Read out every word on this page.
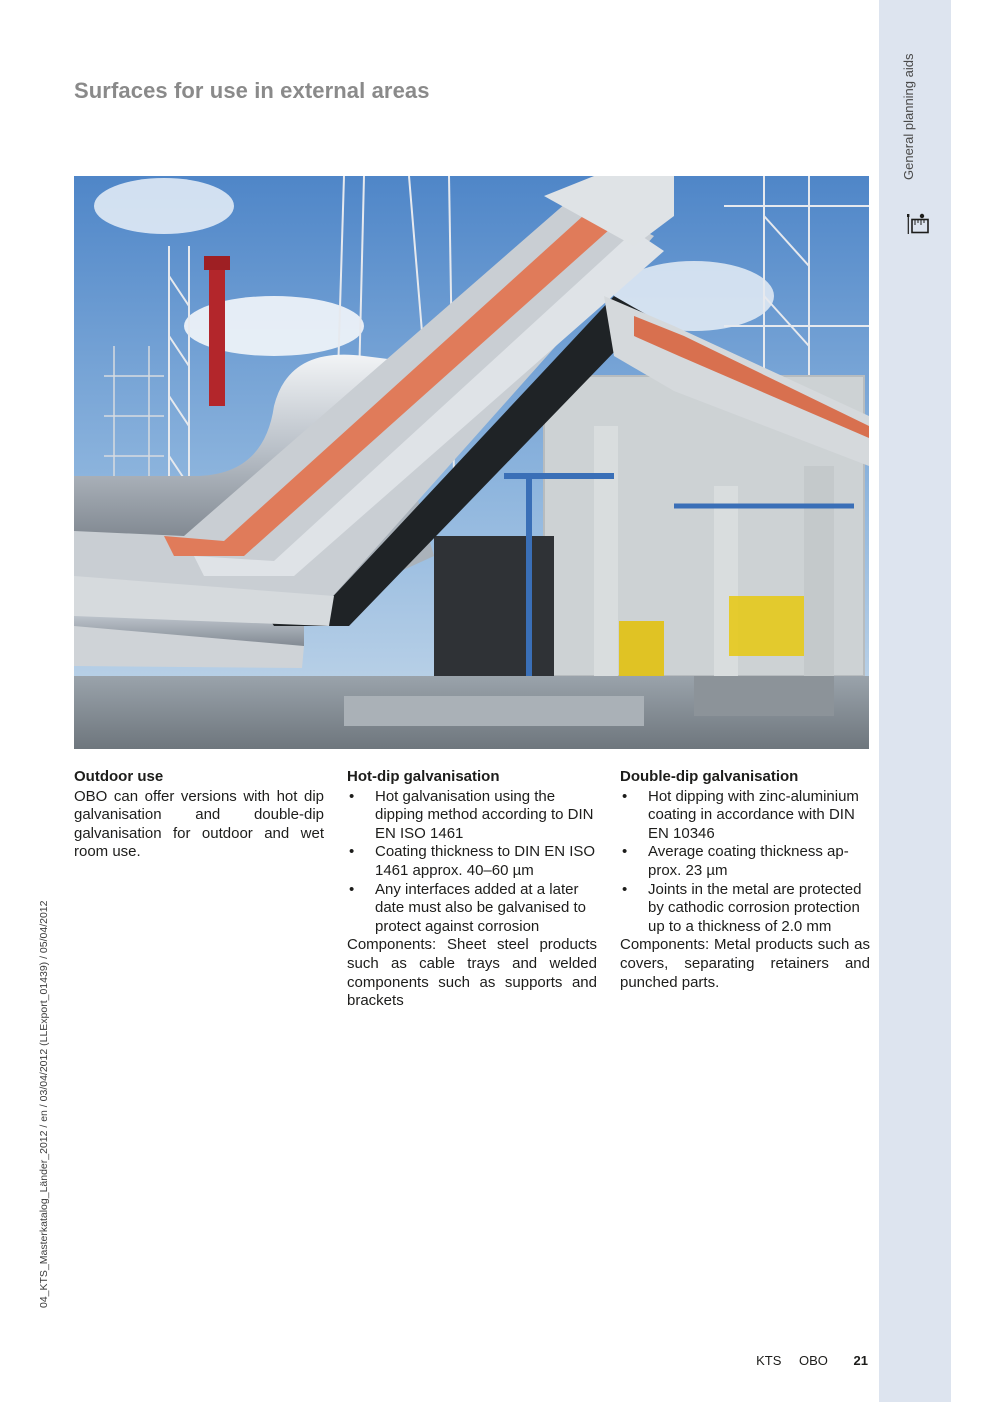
General planning aids
Surfaces for use in external areas
Outdoor use

OBO can offer versions with hot dip galvanisation and double-dip galvanisation for outdoor and wet room use.

Hot-dip galvanisation
• Hot galvanisation using the dipping method according to DIN EN ISO 1461
• Coating thickness to DIN EN ISO 1461 approx. 40–60 µm
• Any interfaces added at a later date must also be galvanised to protect against corrosion

Components: Sheet steel products such as cable trays and welded components such as supports and brackets

Double-dip galvanisation
• Hot dipping with zinc-aluminium coating in accordance with DIN EN 10346
• Average coating thickness approx. 23 µm
• Joints in the metal are protected by cathodic corrosion protection up to a thickness of 2.0 mm

Components: Metal products such as covers, separating retainers and punched parts.

04_KTS_Masterkatalog_Länder_2012 / en / 03/04/2012 (LLExport_01439) / 05/04/2012
KTS OBO 21
